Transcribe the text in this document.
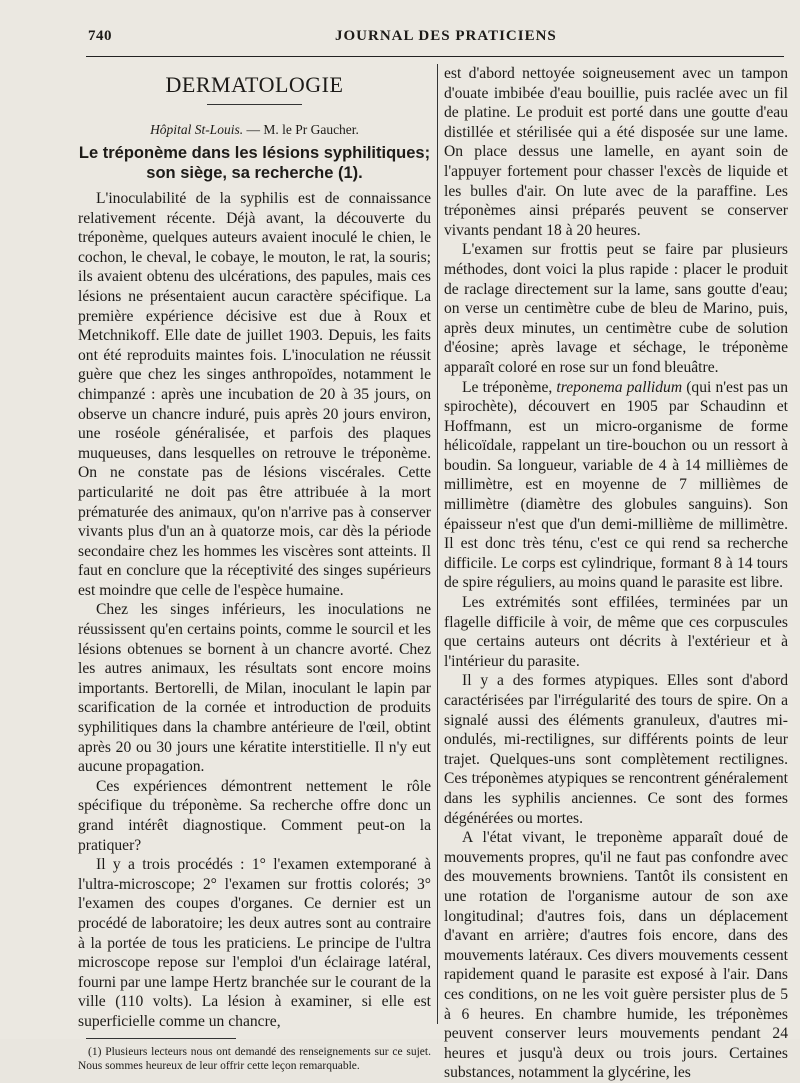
740	JOURNAL DES PRATICIENS
DERMATOLOGIE
Hôpital St-Louis. — M. le Pr Gaucher.
Le tréponème dans les lésions syphilitiques;
son siège, sa recherche (1).

L'inoculabilité de la syphilis est de connaissance relativement récente. Déjà avant, la découverte du tréponème, quelques auteurs avaient inoculé le chien, le cochon, le cheval, le cobaye, le mouton, le rat, la souris; ils avaient obtenu des ulcérations, des papules, mais ces lésions ne présentaient aucun caractère spécifique. La première expérience décisive est due à Roux et Metchnikoff. Elle date de juillet 1903. Depuis, les faits ont été reproduits maintes fois. L'inoculation ne réussit guère que chez les singes anthropoïdes, notamment le chimpanzé : après une incubation de 20 à 35 jours, on observe un chancre induré, puis après 20 jours environ, une roséole généralisée, et parfois des plaques muqueuses, dans lesquelles on retrouve le tréponème. On ne constate pas de lésions viscérales. Cette particularité ne doit pas être attribuée à la mort prématurée des animaux, qu'on n'arrive pas à conserver vivants plus d'un an à quatorze mois, car dès la période secondaire chez les hommes les viscères sont atteints. Il faut en conclure que la réceptivité des singes supérieurs est moindre que celle de l'espèce humaine.

Chez les singes inférieurs, les inoculations ne réussissent qu'en certains points, comme le sourcil et les lésions obtenues se bornent à un chancre avorté. Chez les autres animaux, les résultats sont encore moins importants. Bertorelli, de Milan, inoculant le lapin par scarification de la cornée et introduction de produits syphilitiques dans la chambre antérieure de l'œil, obtint après 20 ou 30 jours une kératite interstitielle. Il n'y eut aucune propagation.

Ces expériences démontrent nettement le rôle spécifique du tréponème. Sa recherche offre donc un grand intérêt diagnostique. Comment peut-on la pratiquer?

Il y a trois procédés : 1° l'examen extemporané à l'ultra-microscope; 2° l'examen sur frottis colorés; 3° l'examen des coupes d'organes. Ce dernier est un procédé de laboratoire; les deux autres sont au contraire à la portée de tous les praticiens. Le principe de l'ultra microscope repose sur l'emploi d'un éclairage latéral, fourni par une lampe Hertz branchée sur le courant de la ville (110 volts). La lésion à examiner, si elle est superficielle comme un chancre,

(1) Plusieurs lecteurs nous ont demandé des renseignements sur ce sujet. Nous sommes heureux de leur offrir cette leçon remarquable.

est d'abord nettoyée soigneusement avec un tampon d'ouate imbibée d'eau bouillie, puis raclée avec un fil de platine. Le produit est porté dans une goutte d'eau distillée et stérilisée qui a été disposée sur une lame. On place dessus une lamelle, en ayant soin de l'appuyer fortement pour chasser l'excès de liquide et les bulles d'air. On lute avec de la paraffine. Les tréponèmes ainsi préparés peuvent se conserver vivants pendant 18 à 20 heures.

L'examen sur frottis peut se faire par plusieurs méthodes, dont voici la plus rapide : placer le produit de raclage directement sur la lame, sans goutte d'eau; on verse un centimètre cube de bleu de Marino, puis, après deux minutes, un centimètre cube de solution d'éosine; après lavage et séchage, le tréponème apparaît coloré en rose sur un fond bleuâtre.

Le tréponème, treponema pallidum (qui n'est pas un spirochète), découvert en 1905 par Schaudinn et Hoffmann, est un micro-organisme de forme hélicoïdale, rappelant un tire-bouchon ou un ressort à boudin. Sa longueur, variable de 4 à 14 millièmes de millimètre, est en moyenne de 7 millièmes de millimètre (diamètre des globules sanguins). Son épaisseur n'est que d'un demi-millième de millimètre. Il est donc très ténu, c'est ce qui rend sa recherche difficile. Le corps est cylindrique, formant 8 à 14 tours de spire réguliers, au moins quand le parasite est libre.

Les extrémités sont effilées, terminées par un flagelle difficile à voir, de même que ces corpuscules que certains auteurs ont décrits à l'extérieur et à l'intérieur du parasite.

Il y a des formes atypiques. Elles sont d'abord caractérisées par l'irrégularité des tours de spire. On a signalé aussi des éléments granuleux, d'autres mi-ondulés, mi-rectilignes, sur différents points de leur trajet. Quelques-uns sont complètement rectilignes. Ces tréponèmes atypiques se rencontrent généralement dans les syphilis anciennes. Ce sont des formes dégénérées ou mortes.

A l'état vivant, le treponème apparaît doué de mouvements propres, qu'il ne faut pas confondre avec des mouvements browniens. Tantôt ils consistent en une rotation de l'organisme autour de son axe longitudinal; d'autres fois, dans un déplacement d'avant en arrière; d'autres fois encore, dans des mouvements latéraux. Ces divers mouvements cessent rapidement quand le parasite est exposé à l'air. Dans ces conditions, on ne les voit guère persister plus de 5 à 6 heures. En chambre humide, les tréponèmes peuvent conserver leurs mouvements pendant 24 heures et jusqu'à deux ou trois jours. Certaines substances, notamment la glycérine, les
